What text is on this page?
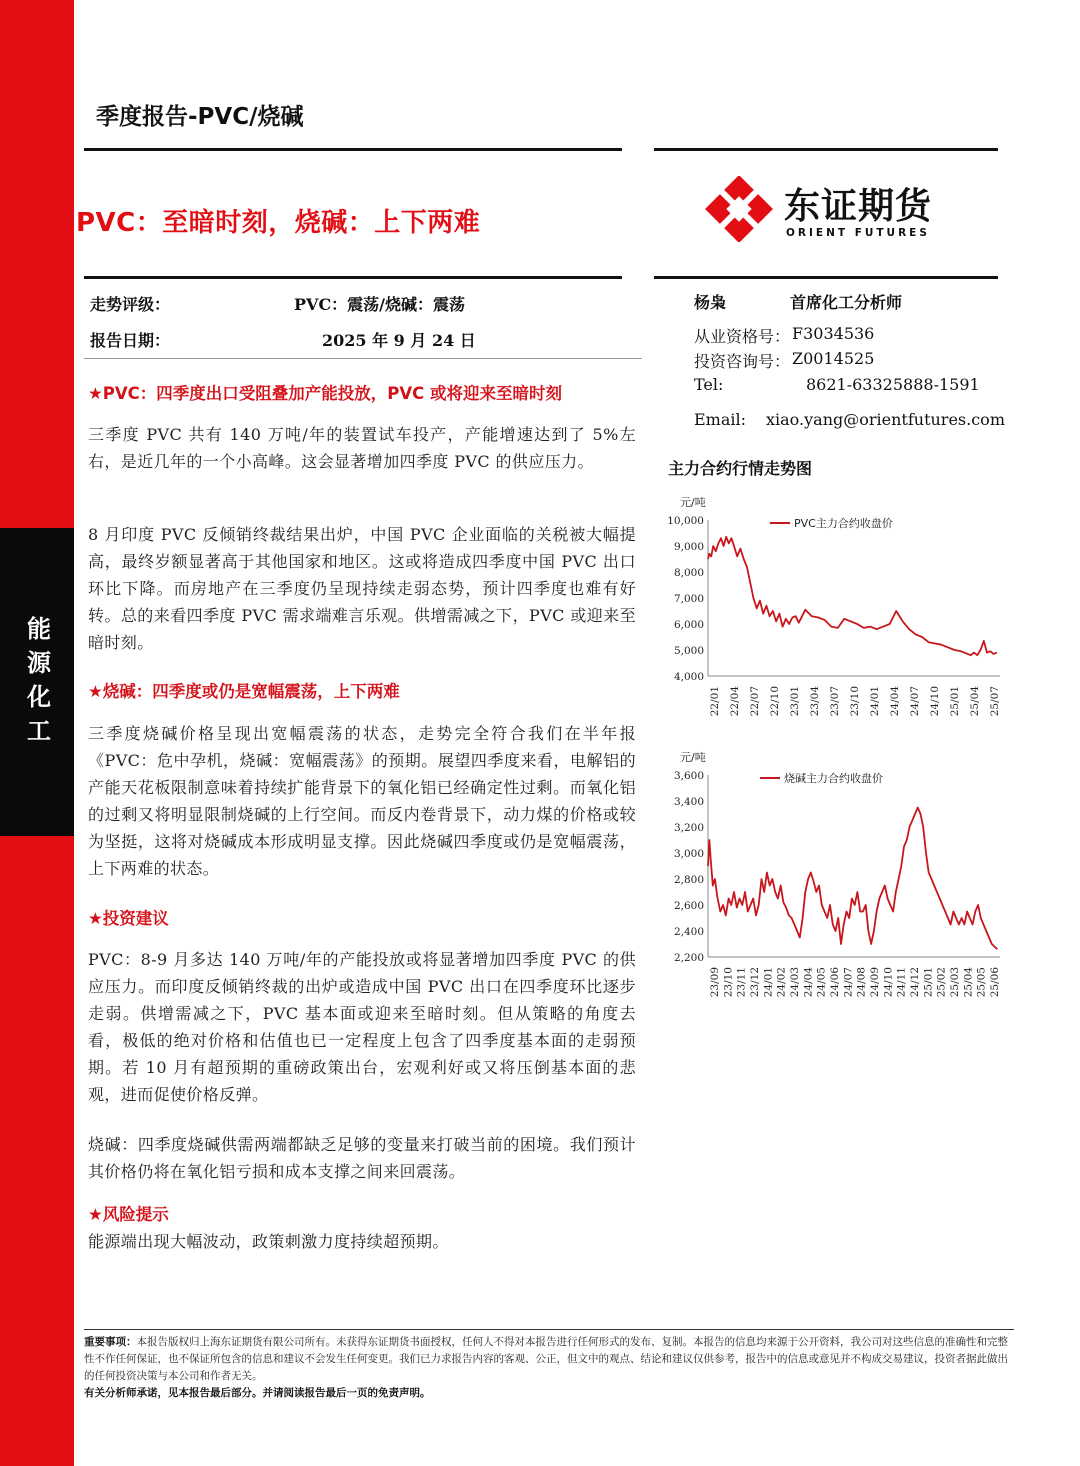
能
源
化
工
季度报告-PVC/烧碱
PVC：至暗时刻，烧碱：上下两难	东证期货
ORIENT FUTURES
走势评级：	PVC：震荡/烧碱：震荡
报告日期：	2025 年 9 月 24 日
杨枭	首席化工分析师
从业资格号： F3034536
投资咨询号： Z0014525
Tel:	8621-63325888-1591
Email: xiao.yang@orientfutures.com
★PVC：四季度出口受阻叠加产能投放，PVC 或将迎来至暗时刻
三季度 PVC 共有 140 万吨/年的装置试车投产，产能增速达到了 5%左右，是近几年的一个小高峰。这会显著增加四季度 PVC 的供应压力。
8 月印度 PVC 反倾销终裁结果出炉，中国 PVC 企业面临的关税被大幅提高，最终岁额显著高于其他国家和地区。这或将造成四季度中国 PVC 出口环比下降。而房地产在三季度仍呈现持续走弱态势，预计四季度也难有好转。总的来看四季度 PVC 需求端难言乐观。供增需减之下，PVC 或迎来至暗时刻。
★烧碱：四季度或仍是宽幅震荡，上下两难
三季度烧碱价格呈现出宽幅震荡的状态，走势完全符合我们在半年报《PVC：危中孕机，烧碱：宽幅震荡》的预期。展望四季度来看，电解铝的产能天花板限制意味着持续扩能背景下的氧化铝已经确定性过剩。而氧化铝的过剩又将明显限制烧碱的上行空间。而反内卷背景下，动力煤的价格或较为坚挺，这将对烧碱成本形成明显支撑。因此烧碱四季度或仍是宽幅震荡，上下两难的状态。
★投资建议
PVC：8-9 月多达 140 万吨/年的产能投放或将显著增加四季度 PVC 的供应压力。而印度反倾销终裁的出炉或造成中国 PVC 出口在四季度环比逐步走弱。供增需减之下，PVC 基本面或迎来至暗时刻。但从策略的角度去看，极低的绝对价格和估值也已一定程度上包含了四季度基本面的走弱预期。若 10 月有超预期的重磅政策出台，宏观利好或又将压倒基本面的悲观，进而促使价格反弹。
烧碱：四季度烧碱供需两端都缺乏足够的变量来打破当前的困境。我们预计其价格仍将在氧化铝亏损和成本支撑之间来回震荡。
★风险提示
能源端出现大幅波动，政策刺激力度持续超预期。
主力合约行情走势图
元/吨
10,000
9,000
8,000
7,000
6,000
5,000
4,000
22/01 22/04 22/07 22/10 23/01 23/04 23/07 23/10 24/01 24/04 24/07 24/10 25/01 25/04 25/07
PVC主力合约收盘价
元/吨
3,600
3,400
3,200
3,000
2,800
2,600
2,400
2,200
23/09 23/10 23/11 23/12 24/01 24/02 24/03 24/04 24/05 24/06 24/07 24/08 24/09 24/10 24/11 24/12 25/01 25/02 25/03 25/04 25/05 25/06
烧碱主力合约收盘价
重要事项：本报告版权归上海东证期货有限公司所有。未获得东证期货书面授权，任何人不得对本报告进行任何形式的发布、复制。本报告的信息均来源于公开资料，我公司对这些信息的准确性和完整性不作任何保证，也不保证所包含的信息和建议不会发生任何变更。我们已力求报告内容的客观、公正，但文中的观点、结论和建议仅供参考，报告中的信息或意见并不构成交易建议，投资者据此做出的任何投资决策与本公司和作者无关。
有关分析师承诺，见本报告最后部分。并请阅读报告最后一页的免责声明。
